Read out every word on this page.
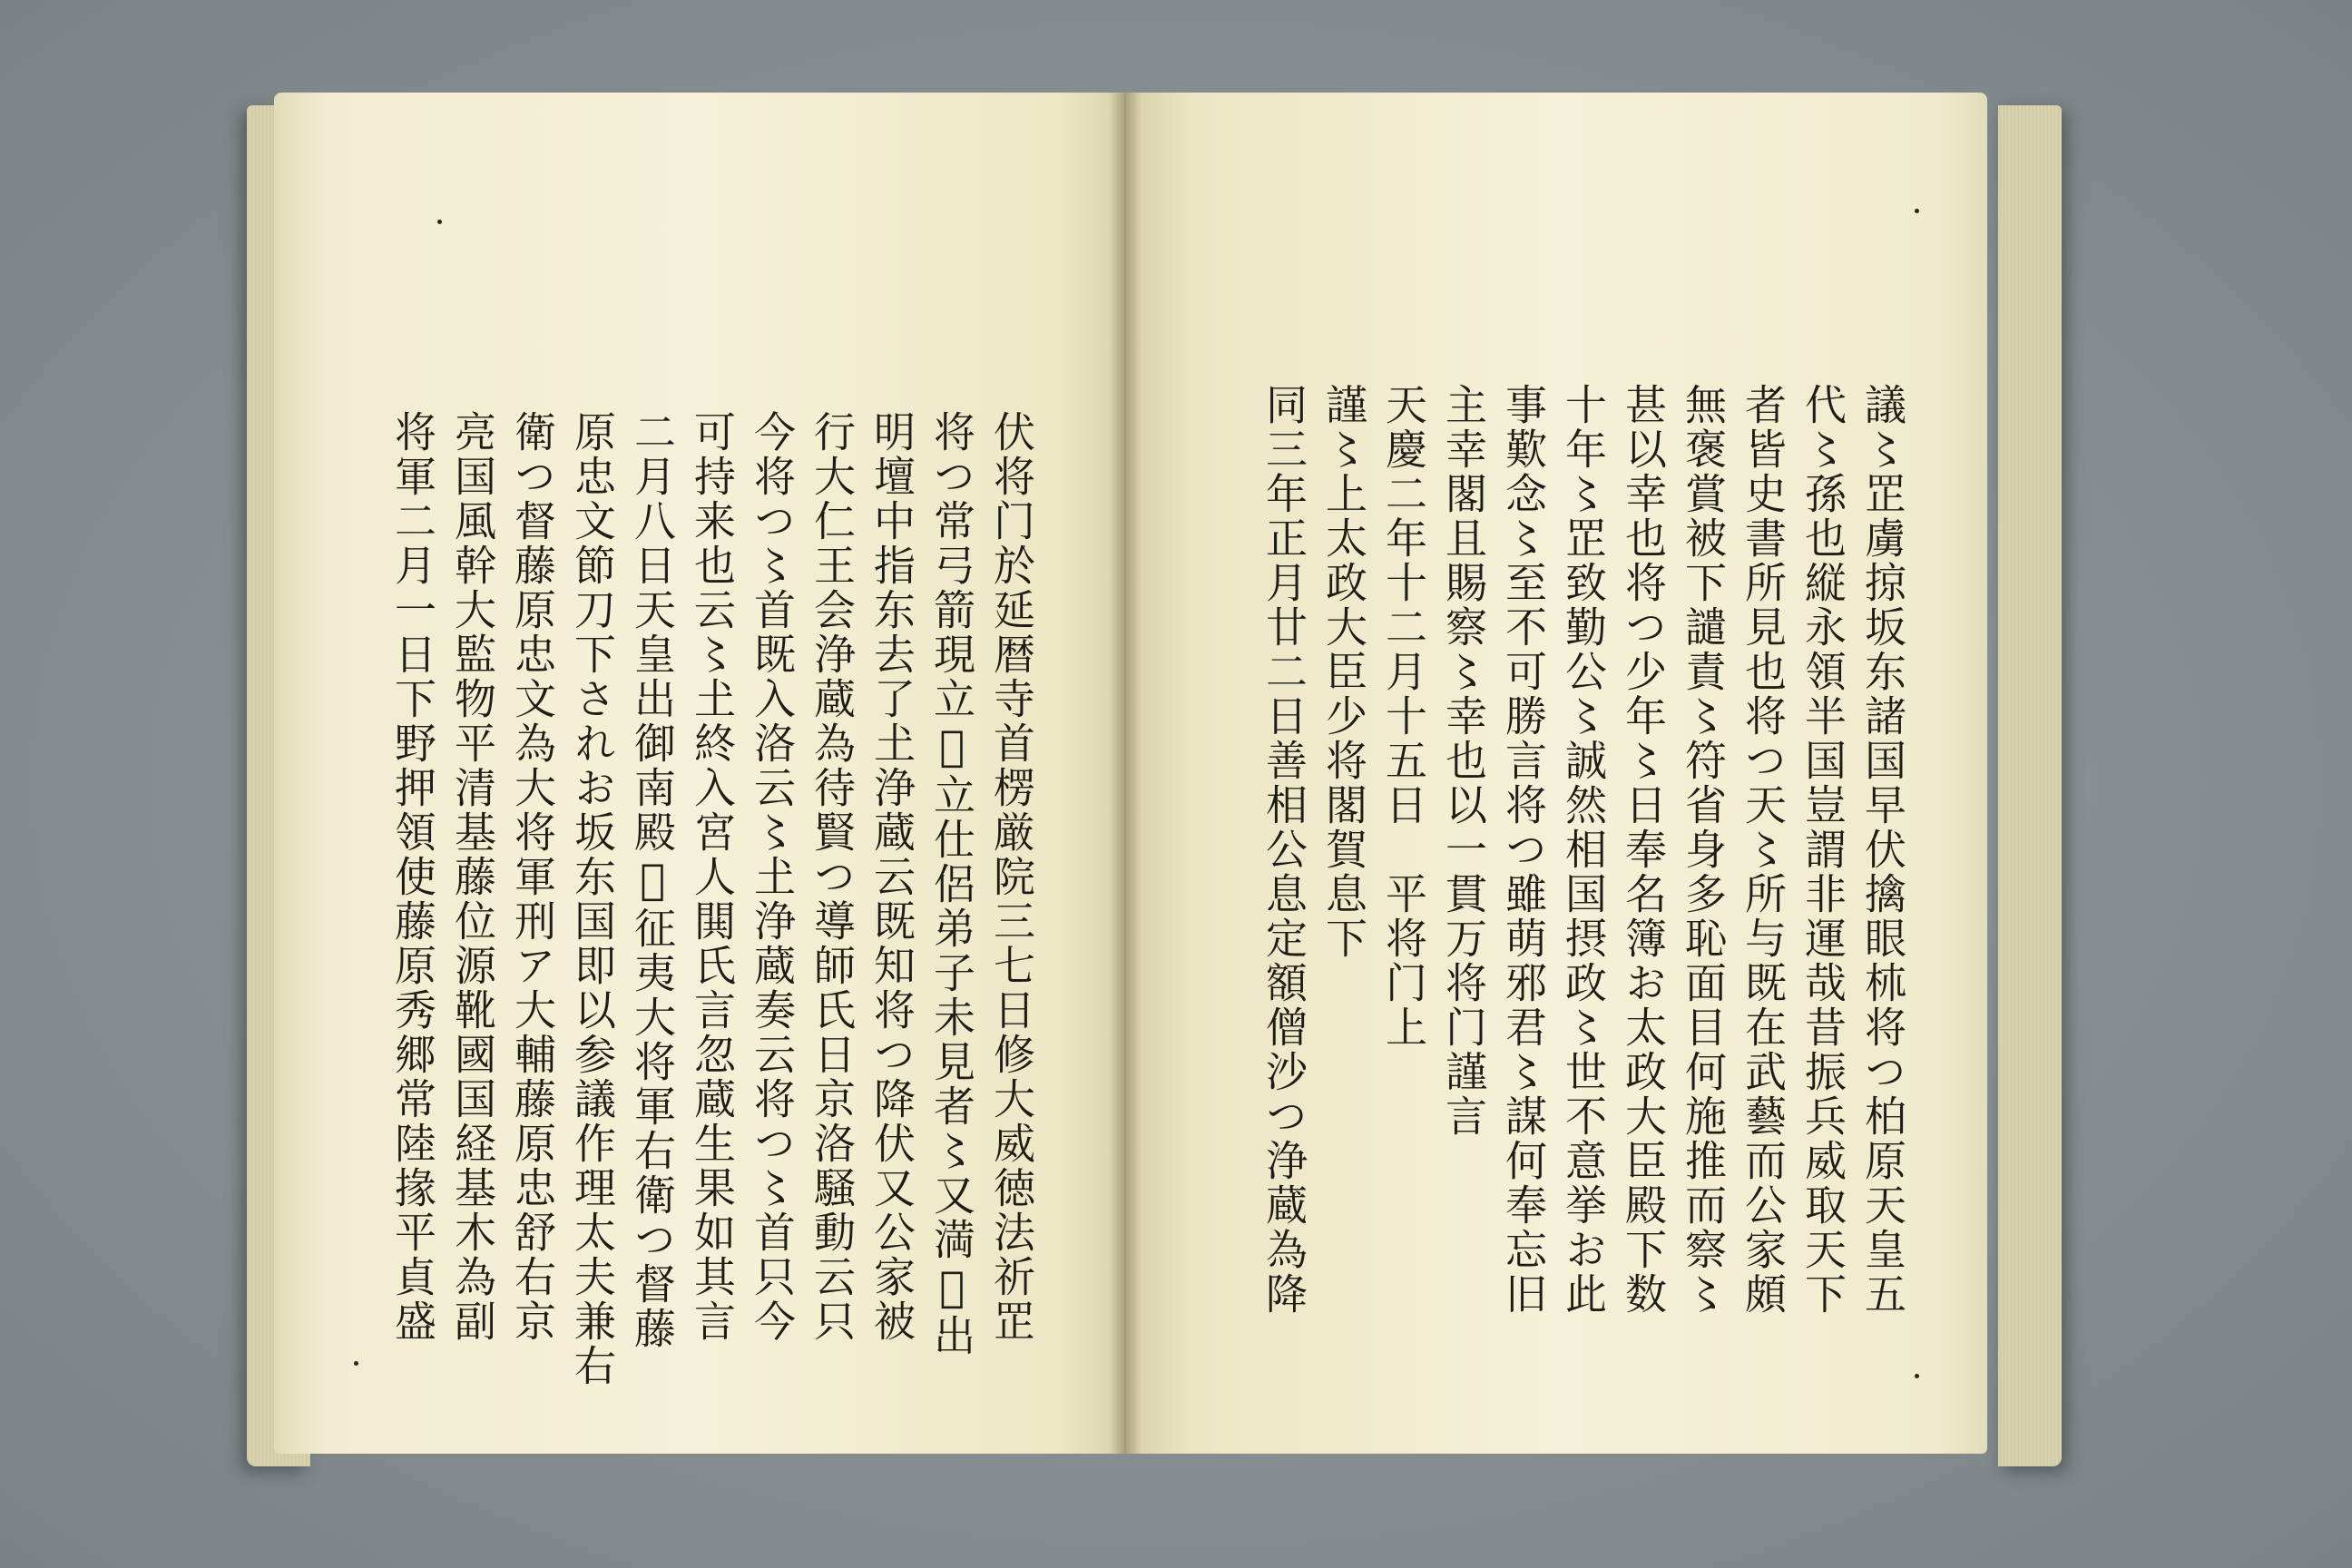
伏将门於延暦寺首楞厳院三七日修大威徳法祈𦊆
将つ常弓箭現立𦍙立仕侶弟子未見者〻又満𦍙出
明壇中指东去了𡈽浄蔵云既知将つ降伏又公家被
行大仁王会浄蔵為待賢つ導師氏日京洛騒動云只
今将つ〻首既入洛云〻𡈽浄蔵奏云将つ〻首只今
可持来也云〻𡈽終入宮人閧氏言忽蔵生果如其言
二月八日天皇出御南殿𦍙征夷大将軍右衛つ督藤
原忠文節刀下されお坂东国即以参議作理太夫兼右
衛つ督藤原忠文為大将軍刑ア大輔藤原忠舒右京
亮国風幹大監物平清基藤位源靴國国経基木為副
将軍二月一日下野押領使藤原秀郷常陸掾平貞盛	議〻𦊆虜掠坂东諸国早伏擒眼𣏕将つ柏原天皇五
代〻孫也縦永領半国豈謂非運哉昔振兵威取天下
者皆史書所見也将つ天〻所与既在武藝而公家頗
無褒賞被下譴責〻符省身多恥面目何施推而察〻
甚以幸也将つ少年〻日奉名簿お太政大臣殿下数
十年〻𦊆致勤公〻誠然相国摂政〻世不意挙お此
事歎念〻至不可勝言将つ雖萌邪君〻謀何奉忘旧
主幸閣且賜察〻幸也以一貫万将门謹言
天慶二年十二月十五日　平将门上
謹〻上太政大臣少将閣賀息下
同三年正月廿二日善相公息定額僧沙つ浄蔵為降
